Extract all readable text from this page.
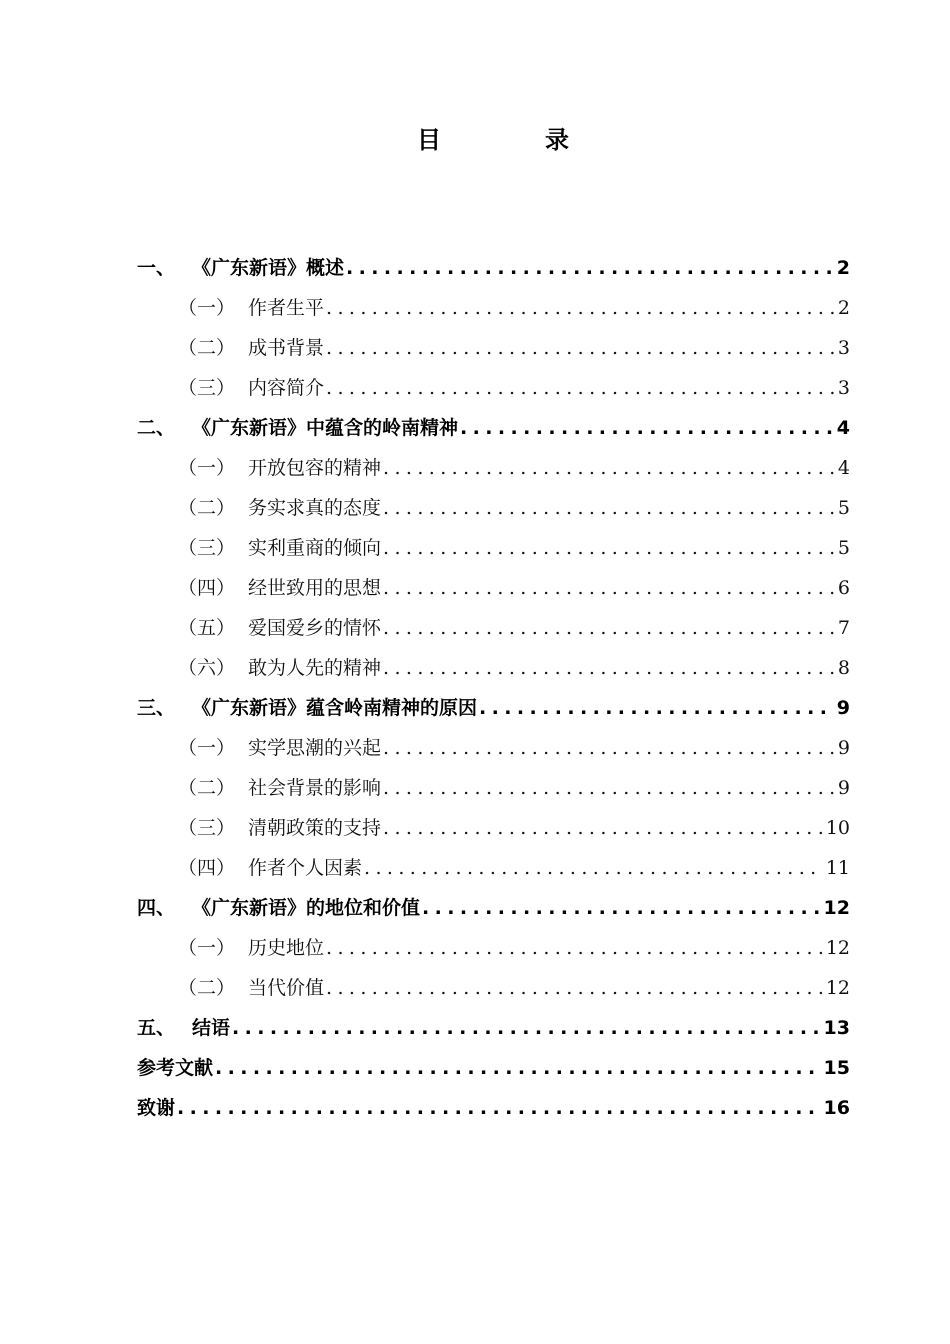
目	录
一、 《广东新语》概述 .....	2
（一） 作者生平 .....	2
（二） 成书背景 .....	3
（三） 内容简介 .....	3
二、 《广东新语》中蕴含的岭南精神 .....	4
（一） 开放包容的精神 .....	4
（二） 务实求真的态度 .....	5
（三） 实利重商的倾向 .....	5
（四） 经世致用的思想 .....	6
（五） 爱国爱乡的情怀 .....	7
（六） 敢为人先的精神 .....	8
三、 《广东新语》蕴含岭南精神的原因 .....	9
（一） 实学思潮的兴起 .....	9
（二） 社会背景的影响 .....	9
（三） 清朝政策的支持 .....	10
（四） 作者个人因素 .....	11
四、 《广东新语》的地位和价值 .....	12
（一） 历史地位 .....	12
（二） 当代价值 .....	12
五、 结语 .....	13
参考文献 .....	15
致谢 .....	16
